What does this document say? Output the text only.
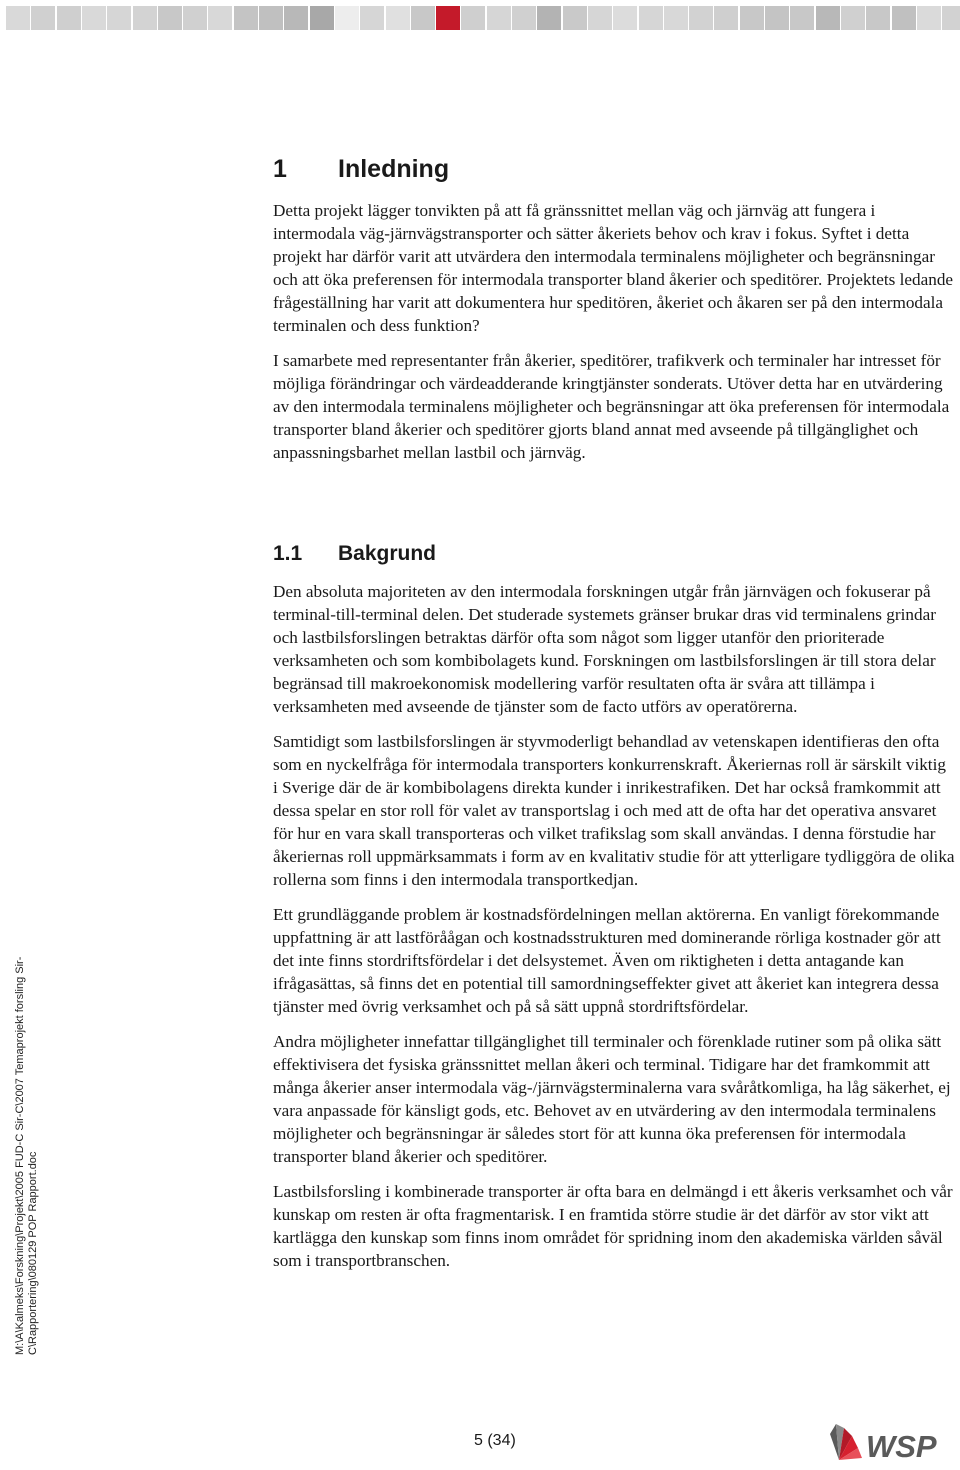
1	Inledning

Detta projekt lägger tonvikten på att få gränssnittet mellan väg och järnväg att fungera i intermodala väg-järnvägstransporter och sätter åkeriets behov och krav i fokus. Syftet i detta projekt har därför varit att utvärdera den intermodala terminalens möjligheter och begränsningar och att öka preferensen för intermodala transporter bland åkerier och speditörer. Projektets ledande frågeställning har varit att dokumentera hur speditören, åkeriet och åkaren ser på den intermodala terminalen och dess funktion?

I samarbete med representanter från åkerier, speditörer, trafikverk och terminaler har intresset för möjliga förändringar och värdeadderande kringtjänster sonderats. Utöver detta har en utvärdering av den intermodala terminalens möjligheter och begränsningar att öka preferensen för intermodala transporter bland åkerier och speditörer gjorts bland annat med avseende på tillgänglighet och anpassningsbarhet mellan lastbil och järnväg.

1.1	Bakgrund

Den absoluta majoriteten av den intermodala forskningen utgår från järnvägen och fokuserar på terminal-till-terminal delen. Det studerade systemets gränser brukar dras vid terminalens grindar och lastbilsforslingen betraktas därför ofta som något som ligger utanför den prioriterade verksamheten och som kombibolagets kund. Forskningen om lastbilsforslingen är till stora delar begränsad till makroekonomisk modellering varför resultaten ofta är svåra att tillämpa i verksamheten med avseende de tjänster som de facto utförs av operatörerna.

Samtidigt som lastbilsforslingen är styvmoderligt behandlad av vetenskapen identifieras den ofta som en nyckelfråga för intermodala transporters konkurrenskraft. Åkeriernas roll är särskilt viktig i Sverige där de är kombibolagens direkta kunder i inrikestrafiken. Det har också framkommit att dessa spelar en stor roll för valet av transportslag i och med att de ofta har det operativa ansvaret för hur en vara skall transporteras och vilket trafikslag som skall användas. I denna förstudie har åkeriernas roll uppmärksammats i form av en kvalitativ studie för att ytterligare tydliggöra de olika rollerna som finns i den intermodala transportkedjan.

Ett grundläggande problem är kostnadsfördelningen mellan aktörerna. En vanligt förekommande uppfattning är att lastföråågan och kostnadsstrukturen med dominerande rörliga kostnader gör att det inte finns stordriftsfördelar i det delsystemet. Även om riktigheten i detta antagande kan ifrågasättas, så finns det en potential till samordningseffekter givet att åkeriet kan integrera dessa tjänster med övrig verksamhet och på så sätt uppnå stordriftsfördelar.

Andra möjligheter innefattar tillgänglighet till terminaler och förenklade rutiner som på olika sätt effektivisera det fysiska gränssnittet mellan åkeri och terminal. Tidigare har det framkommit att många åkerier anser intermodala väg-/järnvägsterminalerna vara svåråtkomliga, ha låg säkerhet, ej vara anpassade för känsligt gods, etc. Behovet av en utvärdering av den intermodala terminalens möjligheter och begränsningar är således stort för att kunna öka preferensen för intermodala transporter bland åkerier och speditörer.

Lastbilsforsling i kombinerade transporter är ofta bara en delmängd i ett åkeris verksamhet och vår kunskap om resten är ofta fragmentarisk. I en framtida större studie är det därför av stor vikt att kartlägga den kunskap som finns inom området för spridning inom den akademiska världen såväl som i transportbranschen.

M:\A\Kalmeks\Forskning\Projekt\2005 FUD-C Sir-C\2007 Temaprojekt forsling Sir- C\Rapportering\080129 POP Rapport.doc
5 (34)	WSP
